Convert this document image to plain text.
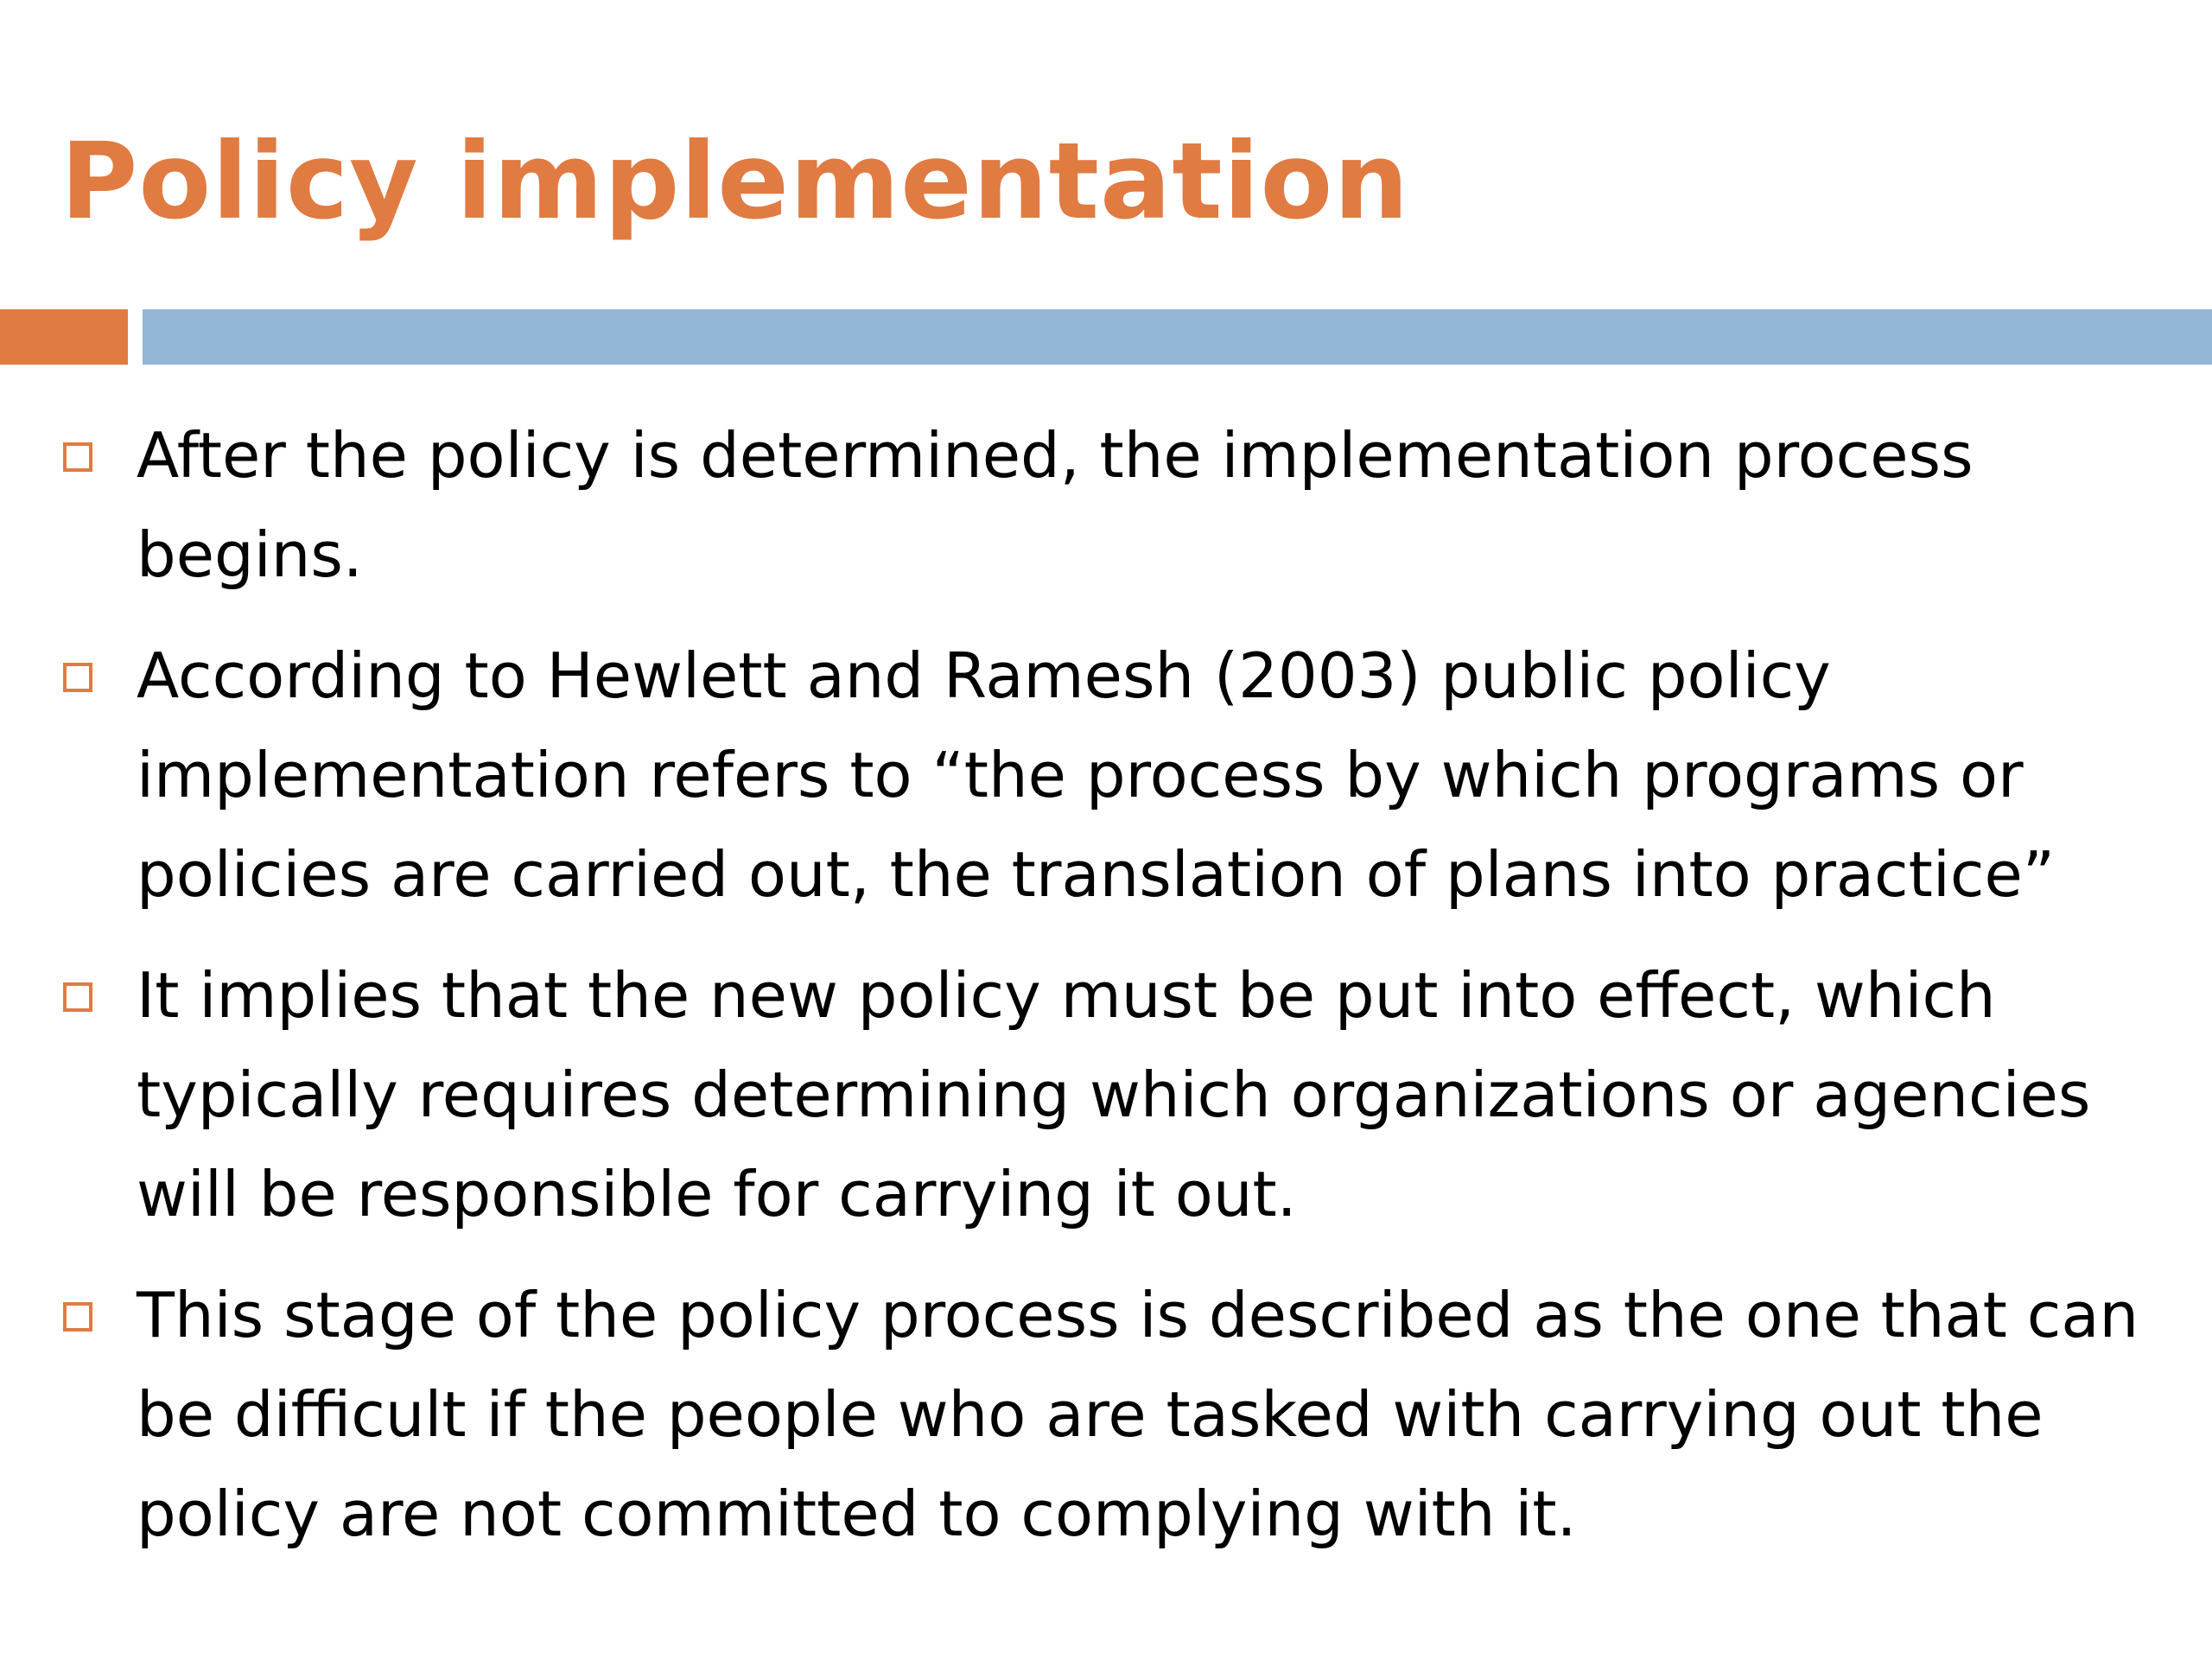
Policy implementation
After the policy is determined, the implementation process begins.
According to Hewlett and Ramesh (2003) public policy implementation refers to “the process by which programs or policies are carried out, the translation of plans into practice”
It implies that the new policy must be put into effect, which typically requires determining which organizations or agencies will be responsible for carrying it out.
This stage of the policy process is described as the one that can be difficult if the people who are tasked with carrying out the policy are not committed to complying with it.
